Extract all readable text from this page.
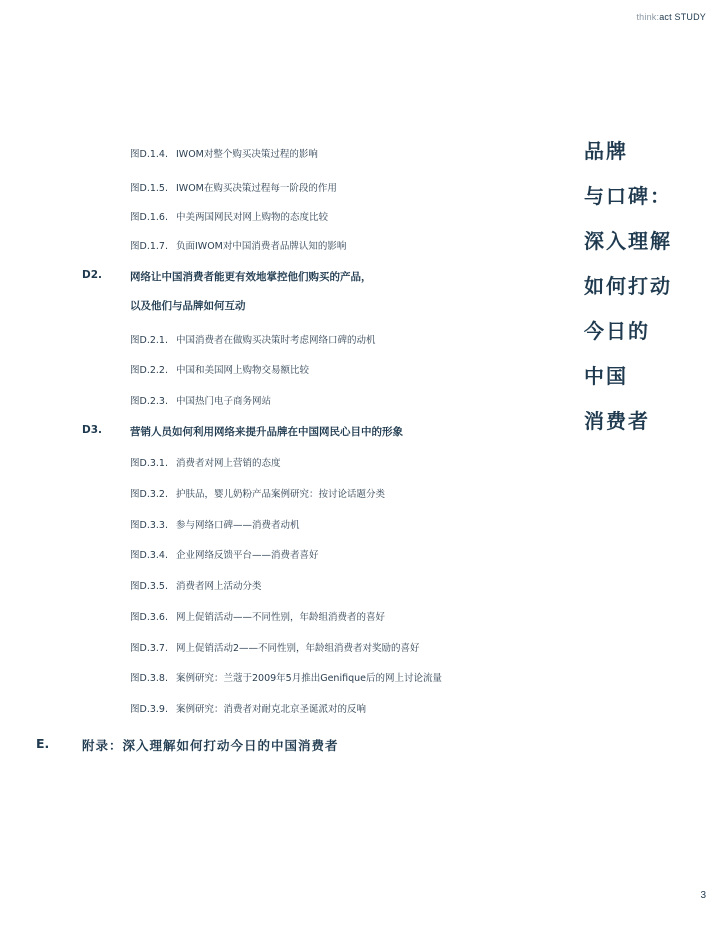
think:act STUDY
图D.1.4. IWOM对整个购买决策过程的影响
图D.1.5. IWOM在购买决策过程每一阶段的作用
图D.1.6. 中美两国网民对网上购物的态度比较
图D.1.7. 负面IWOM对中国消费者品牌认知的影响
D2.	网络让中国消费者能更有效地掌控他们购买的产品，
以及他们与品牌如何互动
图D.2.1. 中国消费者在做购买决策时考虑网络口碑的动机
图D.2.2. 中国和美国网上购物交易额比较
图D.2.3. 中国热门电子商务网站
D3.	营销人员如何利用网络来提升品牌在中国网民心目中的形象
图D.3.1. 消费者对网上营销的态度
图D.3.2. 护肤品，婴儿奶粉产品案例研究：按讨论话题分类
图D.3.3. 参与网络口碑——消费者动机
图D.3.4. 企业网络反馈平台——消费者喜好
图D.3.5. 消费者网上活动分类
图D.3.6. 网上促销活动——不同性别，年龄组消费者的喜好
图D.3.7. 网上促销活动2——不同性别，年龄组消费者对奖励的喜好
图D.3.8. 案例研究：兰蔻于2009年5月推出Genifique后的网上讨论流量
图D.3.9. 案例研究：消费者对耐克北京圣诞派对的反响
E.	附录：深入理解如何打动今日的中国消费者
品牌
与口碑：
深入理解
如何打动
今日的
中国
消费者
3
